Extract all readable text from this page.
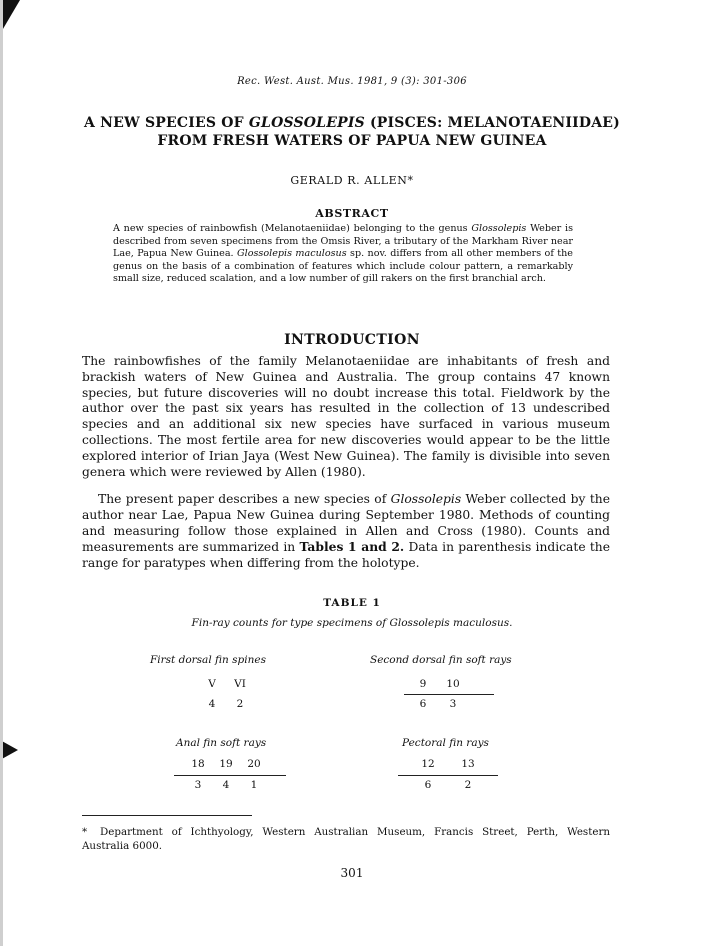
Rec. West. Aust. Mus. 1981, 9 (3): 301-306
A NEW SPECIES OF GLOSSOLEPIS (PISCES: MELANOTAENIIDAE)
FROM FRESH WATERS OF PAPUA NEW GUINEA
GERALD R. ALLEN*
ABSTRACT
A new species of rainbowfish (Melanotaeniidae) belonging to the genus Glossolepis Weber is described from seven specimens from the Omsis River, a tributary of the Markham River near Lae, Papua New Guinea. Glossolepis maculosus sp. nov. differs from all other members of the genus on the basis of a combination of features which include colour pattern, a remarkably small size, reduced scalation, and a low number of gill rakers on the first branchial arch.
INTRODUCTION
The rainbowfishes of the family Melanotaeniidae are inhabitants of fresh and brackish waters of New Guinea and Australia. The group contains 47 known species, but future discoveries will no doubt increase this total. Fieldwork by the author over the past six years has resulted in the collection of 13 undescribed species and an additional six new species have surfaced in various museum collections. The most fertile area for new discoveries would appear to be the little explored interior of Irian Jaya (West New Guinea). The family is divisible into seven genera which were reviewed by Allen (1980).
The present paper describes a new species of Glossolepis Weber collected by the author near Lae, Papua New Guinea during September 1980. Methods of counting and measuring follow those explained in Allen and Cross (1980). Counts and measurements are summarized in Tables 1 and 2. Data in parenthesis indicate the range for paratypes when differing from the holotype.
TABLE 1
Fin-ray counts for type specimens of Glossolepis maculosus.
First dorsal fin spines
V	VI
4	2
Second dorsal fin soft rays
9	10
6	3
Anal fin soft rays
18	19	20
3	4	1
Pectoral fin rays
12	13
6	2
* Department of Ichthyology, Western Australian Museum, Francis Street, Perth, Western Australia 6000.
301
